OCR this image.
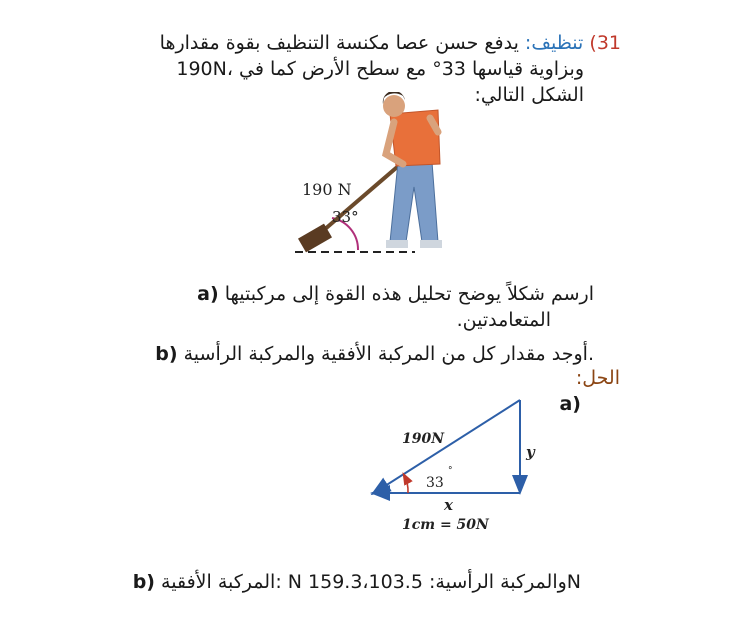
31) تنظيف: يدفع حسن عصا مكنسة التنظيف بقوة مقدارها
190N، وبزاوية قياسها 33° مع سطح الأرض كما في
الشكل التالي:
190 N
33°
a) ارسم شكلاً يوضح تحليل هذه القوة إلى مركبتيها
المتعامدتين.
b) أوجد مقدار كل من المركبة الأفقية والمركبة الرأسية.
الحل:
a)
190N
y
33
°
x
1cm = 50N
b) المركبة الأفقية: N 159.3،والمركبة الرأسية: 103.5N
